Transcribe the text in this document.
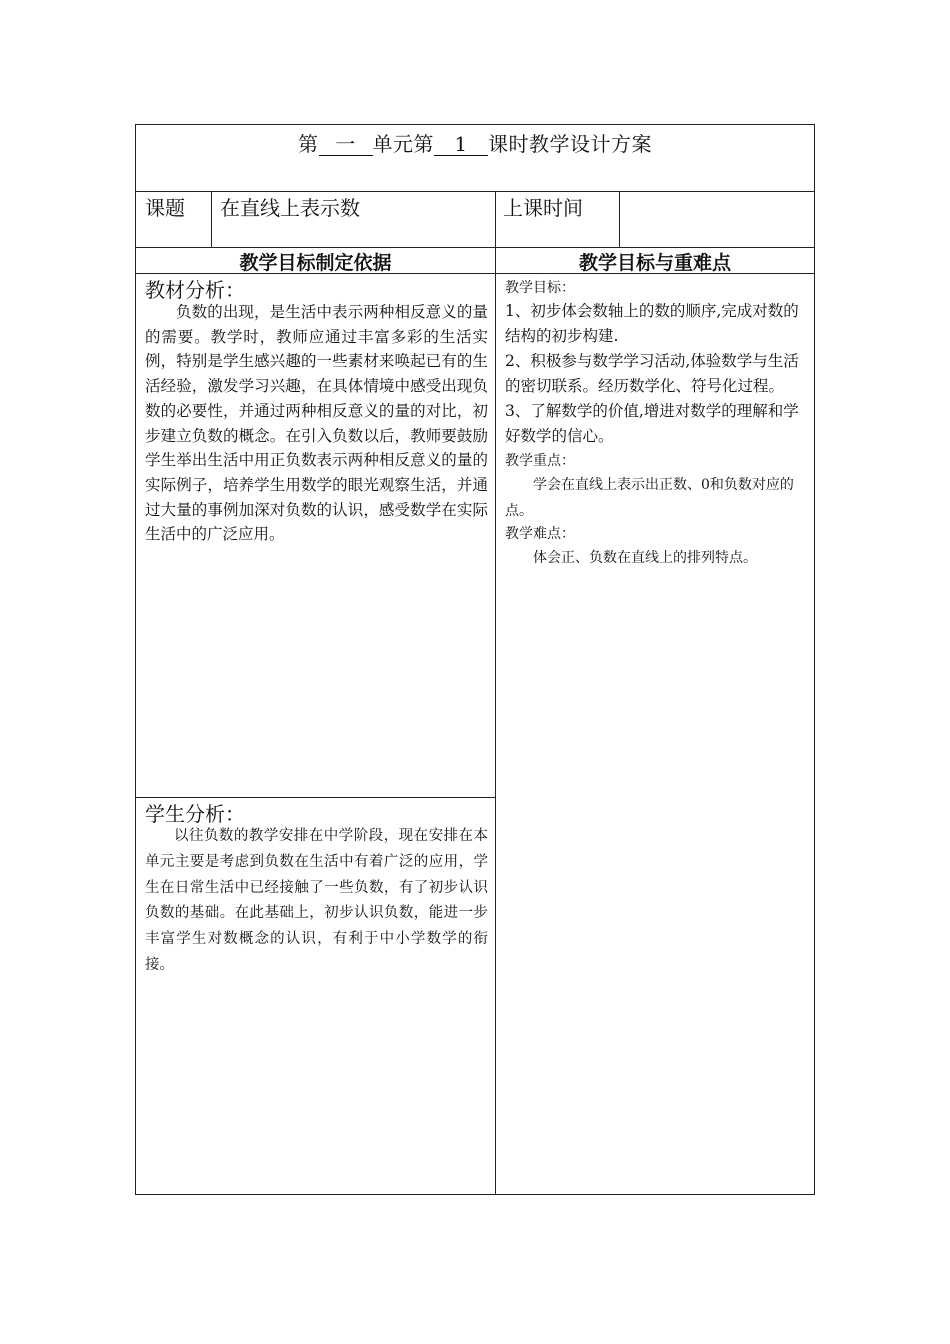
第 一 单元第 1 课时教学设计方案
课题 在直线上表示数	上课时间
教学目标制定依据	教学目标与重难点
教材分析：

负数的出现，是生活中表示两种相反意义的量的需要。教学时，教师应通过丰富多彩的生活实例，特别是学生感兴趣的一些素材来唤起已有的生活经验，激发学习兴趣，在具体情境中感受出现负数的必要性，并通过两种相反意义的量的对比，初步建立负数的概念。在引入负数以后，教师要鼓励学生举出生活中用正负数表示两种相反意义的量的实际例子，培养学生用数学的眼光观察生活，并通过大量的事例加深对负数的认识，感受数学在实际生活中的广泛应用。

学生分析：

以往负数的教学安排在中学阶段，现在安排在本单元主要是考虑到负数在生活中有着广泛的应用，学生在日常生活中已经接触了一些负数，有了初步认识负数的基础。在此基础上，初步认识负数，能进一步丰富学生对数概念的认识，有利于中小学数学的衔接。

教学目标：

1、初步体会数轴上的数的顺序,完成对数的结构的初步构建.

2、积极参与数学学习活动,体验数学与生活的密切联系。经历数学化、符号化过程。

3、了解数学的价值,增进对数学的理解和学好数学的信心。

教学重点：

学会在直线上表示出正数、0和负数对应的点。

教学难点：

体会正、负数在直线上的排列特点。
